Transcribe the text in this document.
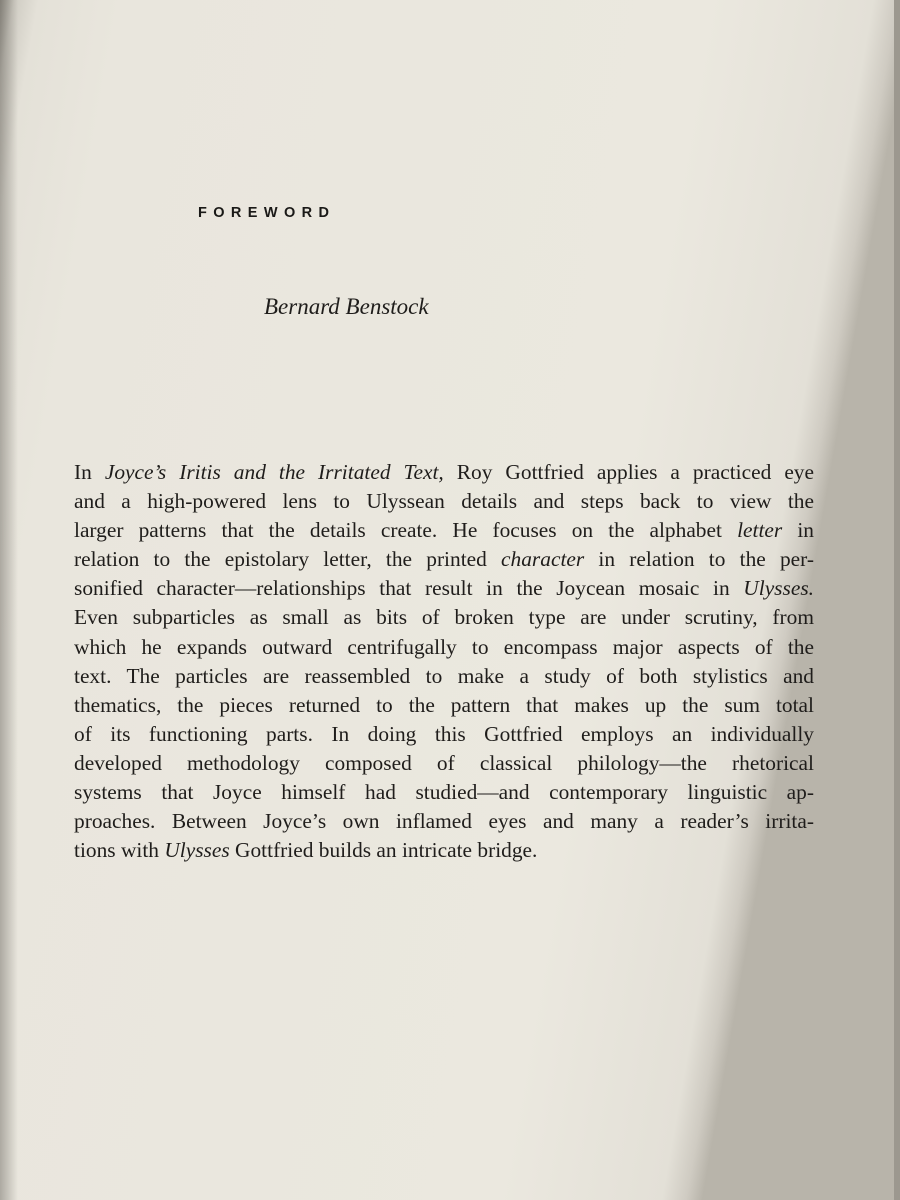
FOREWORD

Bernard Benstock

In Joyce’s Iritis and the Irritated Text, Roy Gottfried applies a practiced eye
and a high-powered lens to Ulyssean details and steps back to view the
larger patterns that the details create. He focuses on the alphabet letter in
relation to the epistolary letter, the printed character in relation to the per-
sonified character—relationships that result in the Joycean mosaic in Ulysses.
Even subparticles as small as bits of broken type are under scrutiny, from
which he expands outward centrifugally to encompass major aspects of the
text. The particles are reassembled to make a study of both stylistics and
thematics, the pieces returned to the pattern that makes up the sum total
of its functioning parts. In doing this Gottfried employs an individually
developed methodology composed of classical philology—the rhetorical
systems that Joyce himself had studied—and contemporary linguistic ap-
proaches. Between Joyce’s own inflamed eyes and many a reader’s irrita-
tions with Ulysses Gottfried builds an intricate bridge.
